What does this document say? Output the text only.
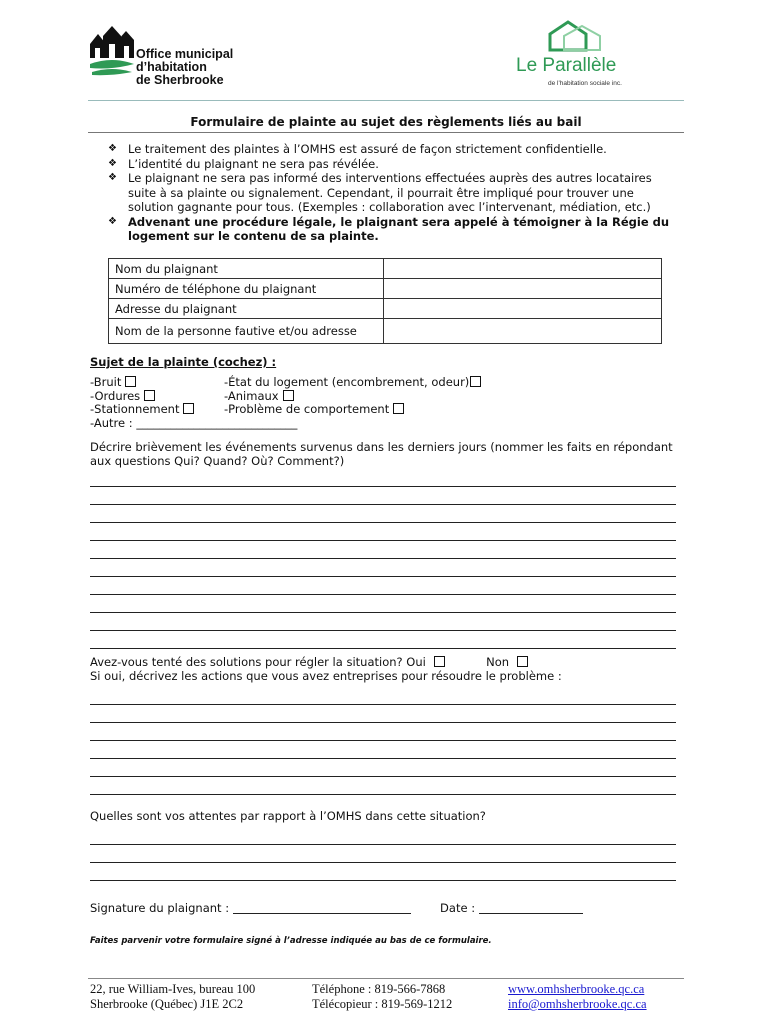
Office municipal
d’habitation
de Sherbrooke
Le Parallèle
de l'habitation sociale inc.
Formulaire de plainte au sujet des règlements liés au bail
❖ Le traitement des plaintes à l’OMHS est assuré de façon strictement confidentielle.
❖ L’identité du plaignant ne sera pas révélée.
❖ Le plaignant ne sera pas informé des interventions effectuées auprès des autres locataires suite à sa plainte ou signalement. Cependant, il pourrait être impliqué pour trouver une solution gagnante pour tous. (Exemples : collaboration avec l’intervenant, médiation, etc.)
❖ Advenant une procédure légale, le plaignant sera appelé à témoigner à la Régie du logement sur le contenu de sa plainte.
Nom du plaignant	
Numéro de téléphone du plaignant	
Adresse du plaignant	
Nom de la personne fautive et/ou adresse	
Sujet de la plainte (cochez) :
-Bruit	-État du logement (encombrement, odeur)
-Ordures	-Animaux
-Stationnement	-Problème de comportement
-Autre : ____________________________
Décrire brièvement les événements survenus dans les derniers jours (nommer les faits en répondant aux questions Qui? Quand? Où? Comment?)
Avez-vous tenté des solutions pour régler la situation? Oui	Non
Si oui, décrivez les actions que vous avez entreprises pour résoudre le problème :
Quelles sont vos attentes par rapport à l’OMHS dans cette situation?
Signature du plaignant :	Date :
Faites parvenir votre formulaire signé à l’adresse indiquée au bas de ce formulaire.
22, rue William-Ives, bureau 100
Sherbrooke (Québec) J1E 2C2
Téléphone : 819-566-7868
Télécopieur : 819-569-1212
www.omhsherbrooke.qc.ca
info@omhsherbrooke.qc.ca
